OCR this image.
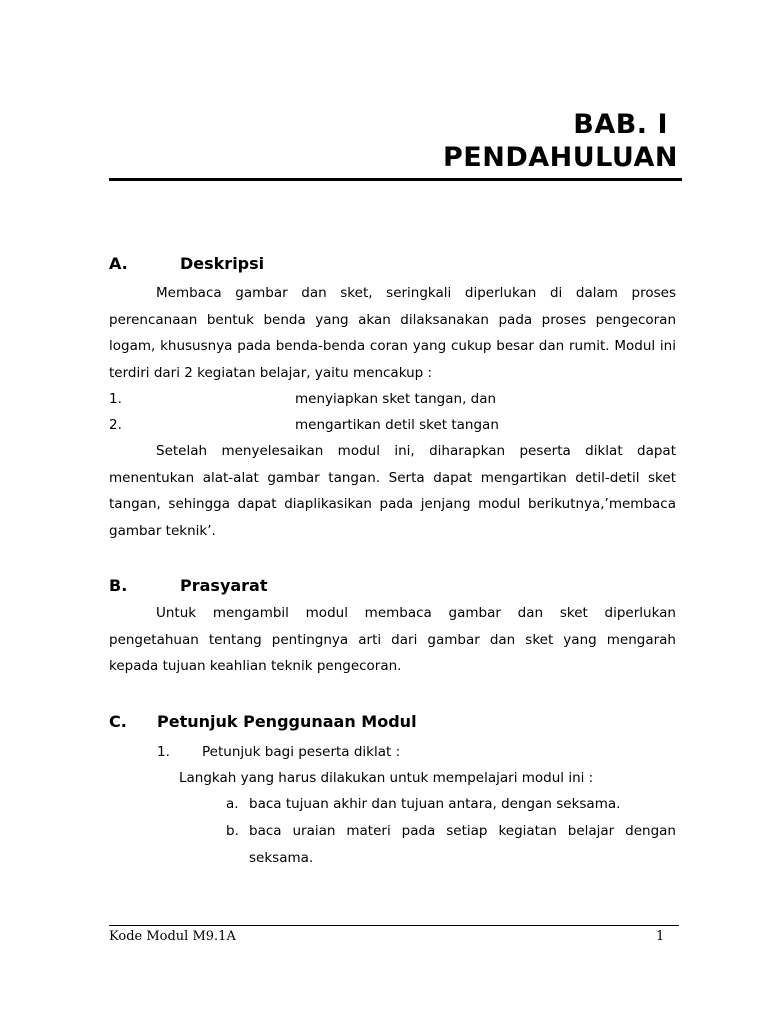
BAB. I
PENDAHULUAN
A.	Deskripsi
Membaca gambar dan sket, seringkali diperlukan di dalam proses
perencanaan bentuk benda yang akan dilaksanakan pada proses pengecoran
logam, khususnya pada benda-benda coran yang cukup besar dan rumit. Modul ini
terdiri dari 2 kegiatan belajar, yaitu mencakup :
1.	menyiapkan sket tangan, dan
2.	mengartikan detil sket tangan
Setelah menyelesaikan modul ini, diharapkan peserta diklat dapat
menentukan alat-alat gambar tangan. Serta dapat mengartikan detil-detil sket
tangan, sehingga dapat diaplikasikan pada jenjang modul berikutnya,’membaca
gambar teknik’.
B.	Prasyarat
Untuk mengambil modul membaca gambar dan sket diperlukan
pengetahuan tentang pentingnya arti dari gambar dan sket yang mengarah
kepada tujuan keahlian teknik pengecoran.
C. Petunjuk Penggunaan Modul
1. Petunjuk bagi peserta diklat :
Langkah yang harus dilakukan untuk mempelajari modul ini :
a. baca tujuan akhir dan tujuan antara, dengan seksama.
b. baca uraian materi pada setiap kegiatan belajar dengan
seksama.
Kode Modul M9.1A	1
